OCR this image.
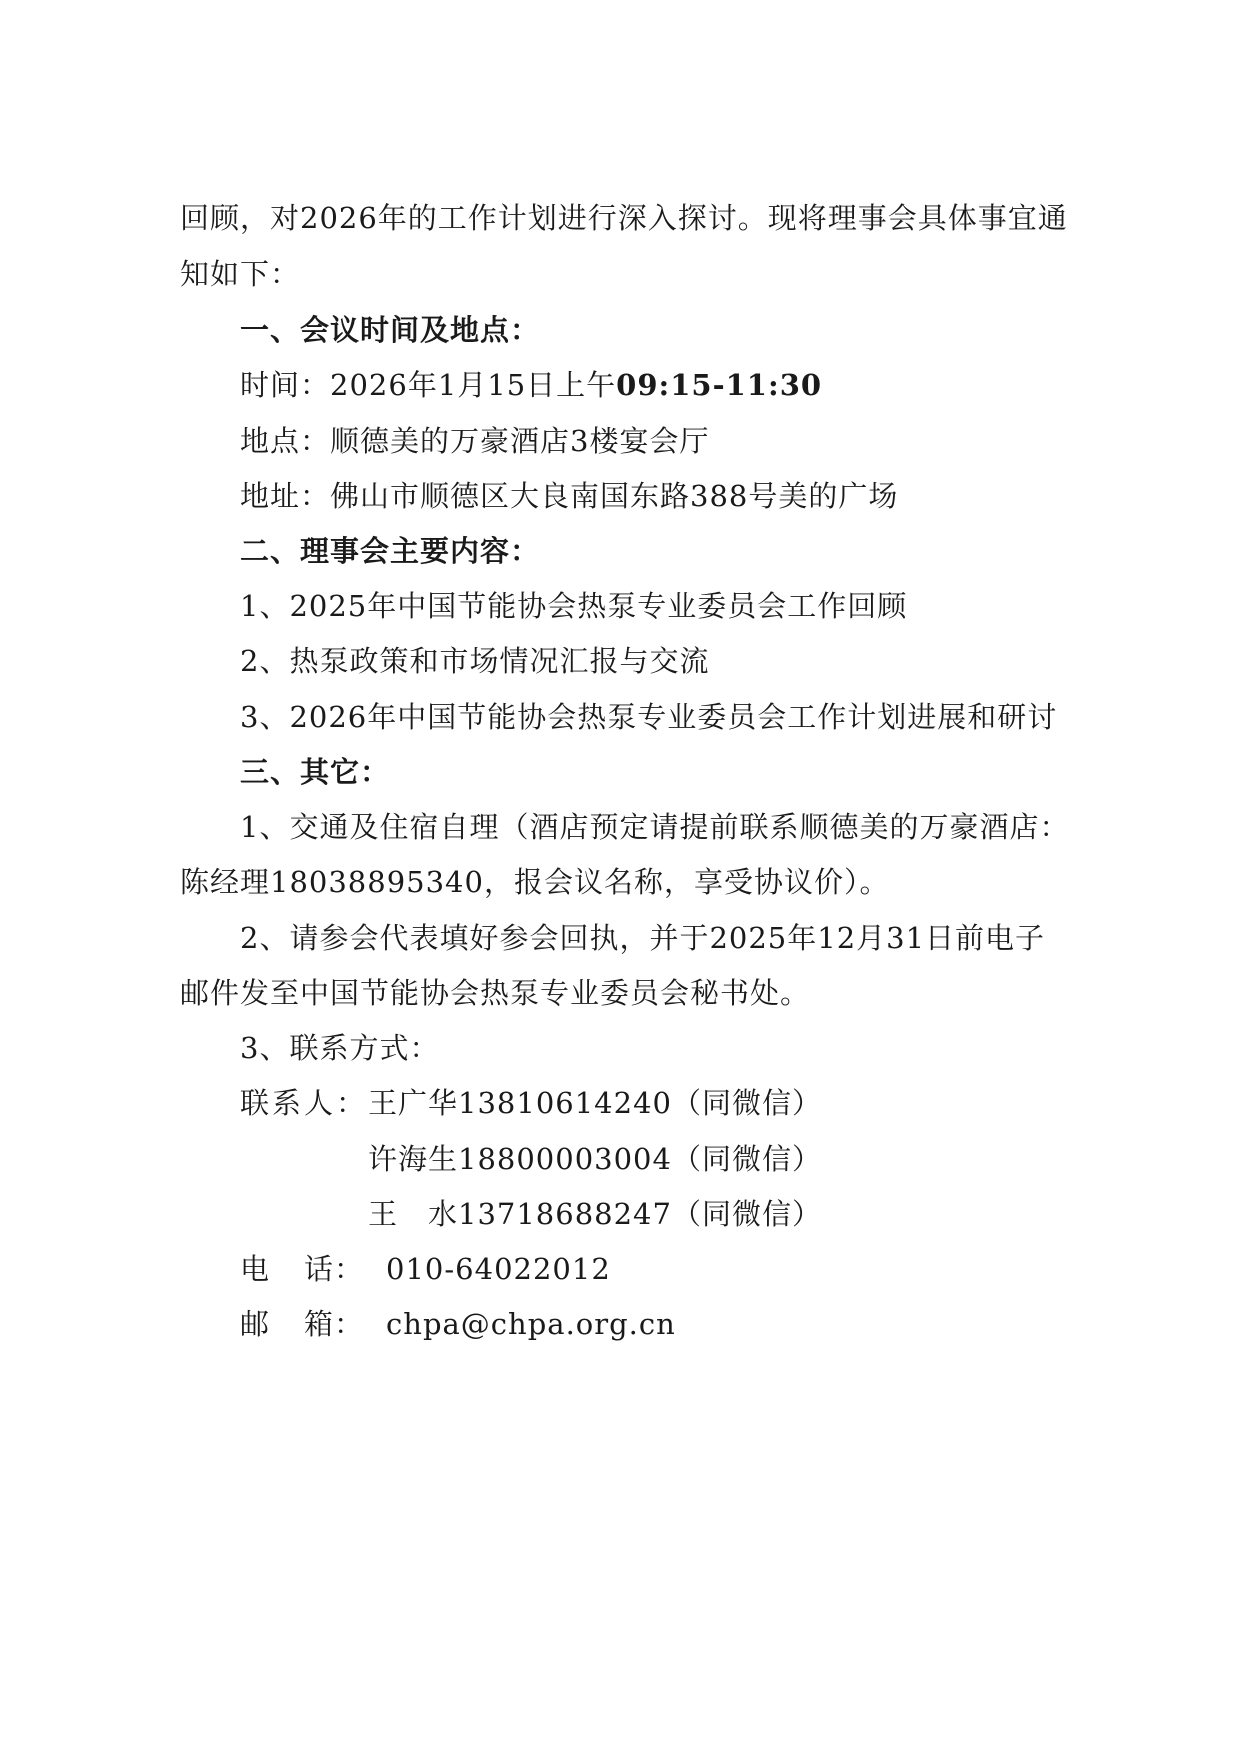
回顾，对2026年的工作计划进行深入探讨。现将理事会具体事宜通
知如下：
一、会议时间及地点：
时间：2026年1月15日上午09:15-11:30
地点：顺德美的万豪酒店3楼宴会厅
地址：佛山市顺德区大良南国东路388号美的广场
二、理事会主要内容：
1、2025年中国节能协会热泵专业委员会工作回顾
2、热泵政策和市场情况汇报与交流
3、2026年中国节能协会热泵专业委员会工作计划进展和研讨
三、其它：
1、交通及住宿自理（酒店预定请提前联系顺德美的万豪酒店：
陈经理18038895340，报会议名称，享受协议价）。
2、请参会代表填好参会回执，并于2025年12月31日前电子
邮件发至中国节能协会热泵专业委员会秘书处。
3、联系方式：
联系人：王广华13810614240（同微信）
许海生18800003004（同微信）
王　水13718688247（同微信）
电 话： 010-64022012
邮 箱： chpa@chpa.org.cn
